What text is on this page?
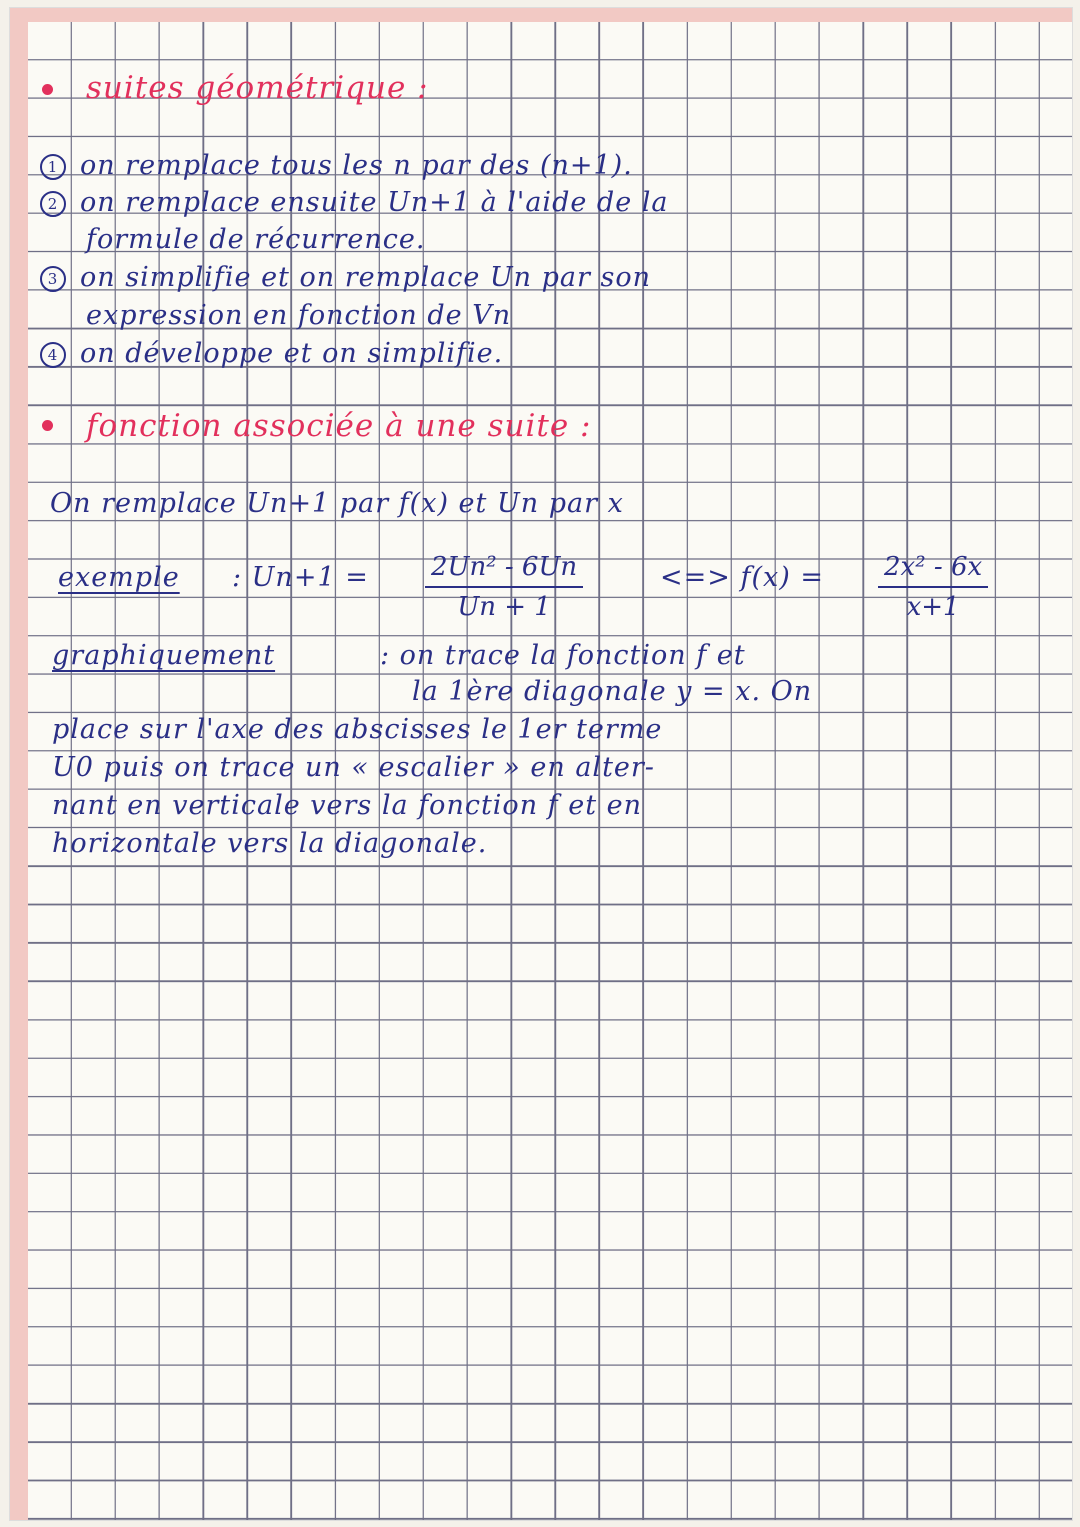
suites géométrique :
1 on remplace tous les n par des (n+1).
2 on remplace ensuite Un+1 à l'aide de la
formule de récurrence.
3 on simplifie et on remplace Un par son
expression en fonction de Vn
4 on développe et on simplifie.
fonction associée à une suite :
On remplace Un+1 par f(x) et Un par x
exemple : $Un+1 = \frac{\text{2Un² - 6Un}}{Un + 1}$	<=> $f(x) = \frac{\text{2x² - 6x}}{x+1}$
graphiquement	: on trace la fonction f et
la 1ère diagonale y = x. On
place sur l'axe des abscisses le 1er terme
U0 puis on trace un « escalier » en alter-
nant en verticale vers la fonction f et en
horizontale vers la diagonale.
